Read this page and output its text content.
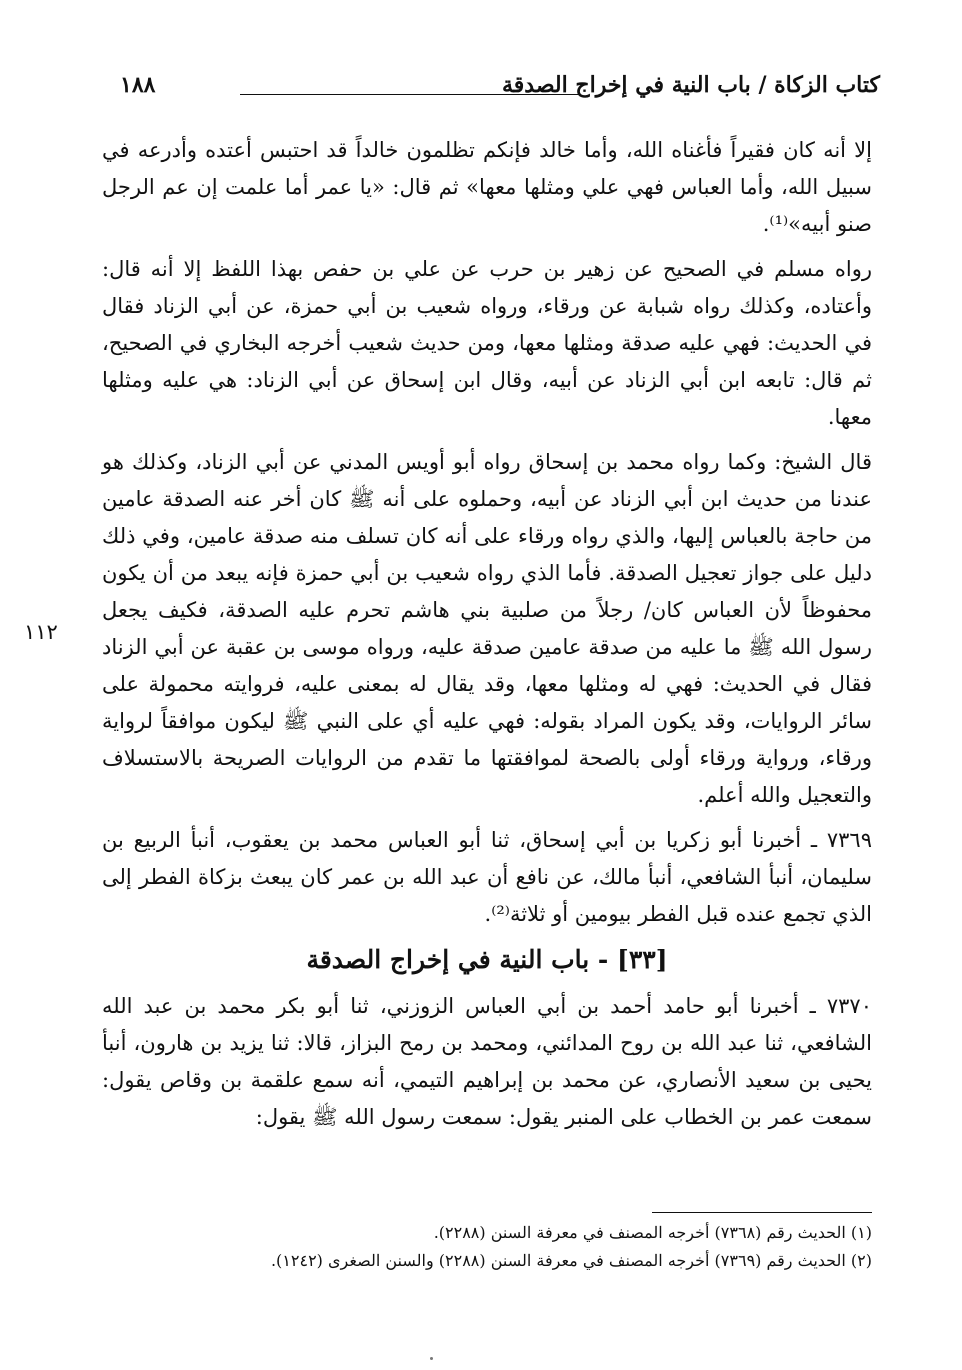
كتاب الزكاة / باب النية في إخراج الصدقة
١٨٨
١١٢

إلا أنه كان فقيراً فأغناه الله، وأما خالد فإنكم تظلمون خالداً قد احتبس أعتده وأدرعه في سبيل الله، وأما العباس فهي علي ومثلها معها» ثم قال: «يا عمر أما علمت إن عم الرجل صنو أبيه»⁽¹⁾.

رواه مسلم في الصحيح عن زهير بن حرب عن علي بن حفص بهذا اللفظ إلا أنه قال: وأعتاده، وكذلك رواه شبابة عن ورقاء، ورواه شعيب بن أبي حمزة، عن أبي الزناد فقال في الحديث: فهي عليه صدقة ومثلها معها، ومن حديث شعيب أخرجه البخاري في الصحيح، ثم قال: تابعه ابن أبي الزناد عن أبيه، وقال ابن إسحاق عن أبي الزناد: هي عليه ومثلها معها.

قال الشيخ: وكما رواه محمد بن إسحاق رواه أبو أويس المدني عن أبي الزناد، وكذلك هو عندنا من حديث ابن أبي الزناد عن أبيه، وحملوه على أنه ﷺ كان أخر عنه الصدقة عامين من حاجة بالعباس إليها، والذي رواه ورقاء على أنه كان تسلف منه صدقة عامين، وفي ذلك دليل على جواز تعجيل الصدقة. فأما الذي رواه شعيب بن أبي حمزة فإنه يبعد من أن يكون محفوظاً لأن العباس كان/ رجلاً من صلبية بني هاشم تحرم عليه الصدقة، فكيف يجعل رسول الله ﷺ ما عليه من صدقة عامين صدقة عليه، ورواه موسى بن عقبة عن أبي الزناد فقال في الحديث: فهي له ومثلها معها، وقد يقال له بمعنى عليه، فروايته محمولة على سائر الروايات، وقد يكون المراد بقوله: فهي عليه أي على النبي ﷺ ليكون موافقاً لرواية ورقاء، ورواية ورقاء أولى بالصحة لموافقتها ما تقدم من الروايات الصريحة بالاستسلاف والتعجيل والله أعلم.

٧٣٦٩ ـ أخبرنا أبو زكريا بن أبي إسحاق، ثنا أبو العباس محمد بن يعقوب، أنبأ الربيع بن سليمان، أنبأ الشافعي، أنبأ مالك، عن نافع أن عبد الله بن عمر كان يبعث بزكاة الفطر إلى الذي تجمع عنده قبل الفطر بيومين أو ثلاثة⁽²⁾.

[٣٣] - باب النية في إخراج الصدقة

٧٣٧٠ ـ أخبرنا أبو حامد أحمد بن أبي العباس الزوزني، ثنا أبو بكر محمد بن عبد الله الشافعي، ثنا عبد الله بن روح المدائني، ومحمد بن رمح البزاز، قالا: ثنا يزيد بن هارون، أنبأ يحيى بن سعيد الأنصاري، عن محمد بن إبراهيم التيمي، أنه سمع علقمة بن وقاص يقول: سمعت عمر بن الخطاب على المنبر يقول: سمعت رسول الله ﷺ يقول:

(١) الحديث رقم (٧٣٦٨) أخرجه المصنف في معرفة السنن (٢٢٨٨).

(٢) الحديث رقم (٧٣٦٩) أخرجه المصنف في معرفة السنن (٢٢٨٨) والسنن الصغرى (١٢٤٢).
